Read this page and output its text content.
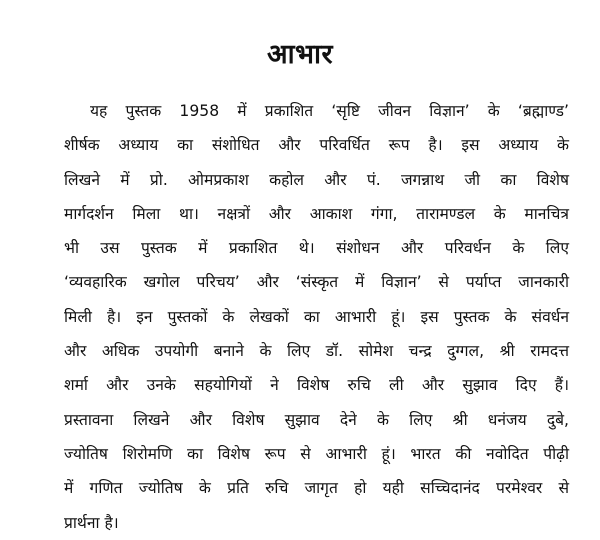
आभार
यह पुस्तक 1958 में प्रकाशित ‘सृष्टि जीवन विज्ञान’ के ‘ब्रह्माण्ड’
शीर्षक अध्याय का संशोधित और परिवर्धित रूप है। इस अध्याय के
लिखने में प्रो. ओमप्रकाश कहोल और पं. जगन्नाथ जी का विशेष
मार्गदर्शन मिला था। नक्षत्रों और आकाश गंगा, तारामण्डल के मानचित्र
भी उस पुस्तक में प्रकाशित थे। संशोधन और परिवर्धन के लिए
‘व्यवहारिक खगोल परिचय’ और ‘संस्कृत में विज्ञान’ से पर्याप्त जानकारी
मिली है। इन पुस्तकों के लेखकों का आभारी हूं। इस पुस्तक के संवर्धन
और अधिक उपयोगी बनाने के लिए डॉ. सोमेश चन्द्र दुग्गल, श्री रामदत्त
शर्मा और उनके सहयोगियों ने विशेष रुचि ली और सुझाव दिए हैं।
प्रस्तावना लिखने और विशेष सुझाव देने के लिए श्री धनंजय दुबे,
ज्योतिष शिरोमणि का विशेष रूप से आभारी हूं। भारत की नवोदित पीढ़ी
में गणित ज्योतिष के प्रति रुचि जागृत हो यही सच्चिदानंद परमेश्वर से
प्रार्थना है।
